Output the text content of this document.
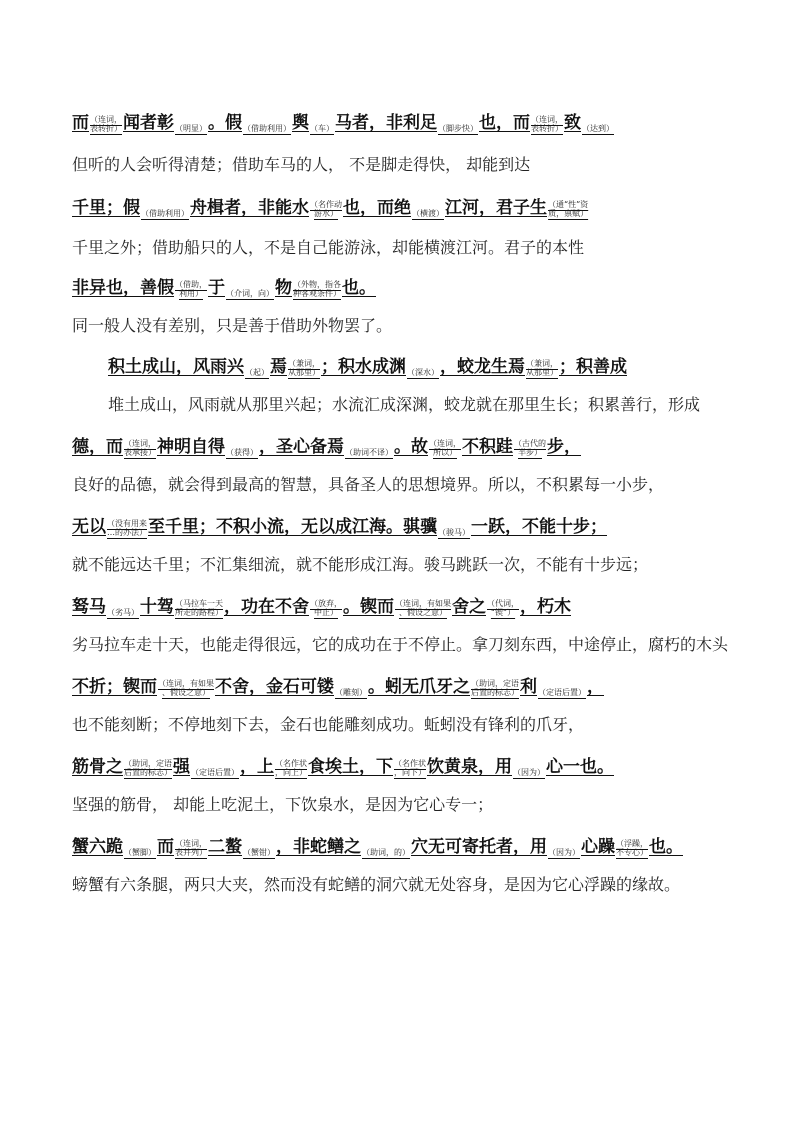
而 （连词，
表转折） 闻者彰 （明显） 。假 （借助利用） 舆 （车） 马者，非利足 （脚步快） 也，而 （连词，
表转折） 致 （达到）
但听的人会听得清楚；借助车马的人， 不是脚走得快， 却能到达
千里；假 （借助利用） 舟楫者，非能水 （名作动
游水） 也，而绝 （横渡） 江河，君子生 （通“性”资
质，禀赋）
千里之外；借助船只的人，不是自己能游泳，却能横渡江河。君子的本性
非异也，善假 （借助，
利用） 于 （介词，向） 物 （外物，指各
种客观条件） 也。
同一般人没有差别，只是善于借助外物罢了。
积土成山，风雨兴 （起） 焉 （兼词，
从那里） ；积水成渊 （深水） ，蛟龙生焉 （兼词，
从那里） ；积善成
堆土成山，风雨就从那里兴起；水流汇成深渊，蛟龙就在那里生长；积累善行，形成
德，而 （连词，
表承接） 神明自得 （获得） ，圣心备焉 （助词不译） 。故 （连词，
所以） 不积跬 （古代的
半步） 步，
良好的品德，就会得到最高的智慧，具备圣人的思想境界。所以，不积累每一小步，
无以 （没有用来
…的办法） 至千里；不积小流，无以成江海。骐骥 （骏马） 一跃，不能十步；
就不能远达千里；不汇集细流，就不能形成江海。骏马跳跃一次，不能有十步远；
驽马 （劣马） 十驾 （马拉车一天
所走的路程） ，功在不舍 （放弃，
中止） 。锲而 （连词，有如果
、假设之意） 舍之 （代词，
“锲”） ，朽木
劣马拉车走十天，也能走得很远，它的成功在于不停止。拿刀刻东西，中途停止，腐朽的木头
不折；锲而 （连词，有如果
、假设之意） 不舍，金石可镂 （雕刻） 。蚓无爪牙之 （助词，定语
后置的标志） 利 （定语后置） ，
也不能刻断；不停地刻下去，金石也能雕刻成功。蚯蚓没有锋利的爪牙，
筋骨之 （助词，定语
后置的标志） 强 （定语后置） ，上 （名作状
，向上） 食埃土，下 （名作状
，向下） 饮黄泉，用 （因为） 心一也。
坚强的筋骨， 却能上吃泥土，下饮泉水，是因为它心专一；
蟹六跪 （蟹脚） 而 （连词，
表并列） 二螯 （蟹钳） ，非蛇鳝之 （助词，的） 穴无可寄托者，用 （因为） 心躁 （浮躁，
不专心） 也。
螃蟹有六条腿，两只大夹，然而没有蛇鳝的洞穴就无处容身，是因为它心浮躁的缘故。
